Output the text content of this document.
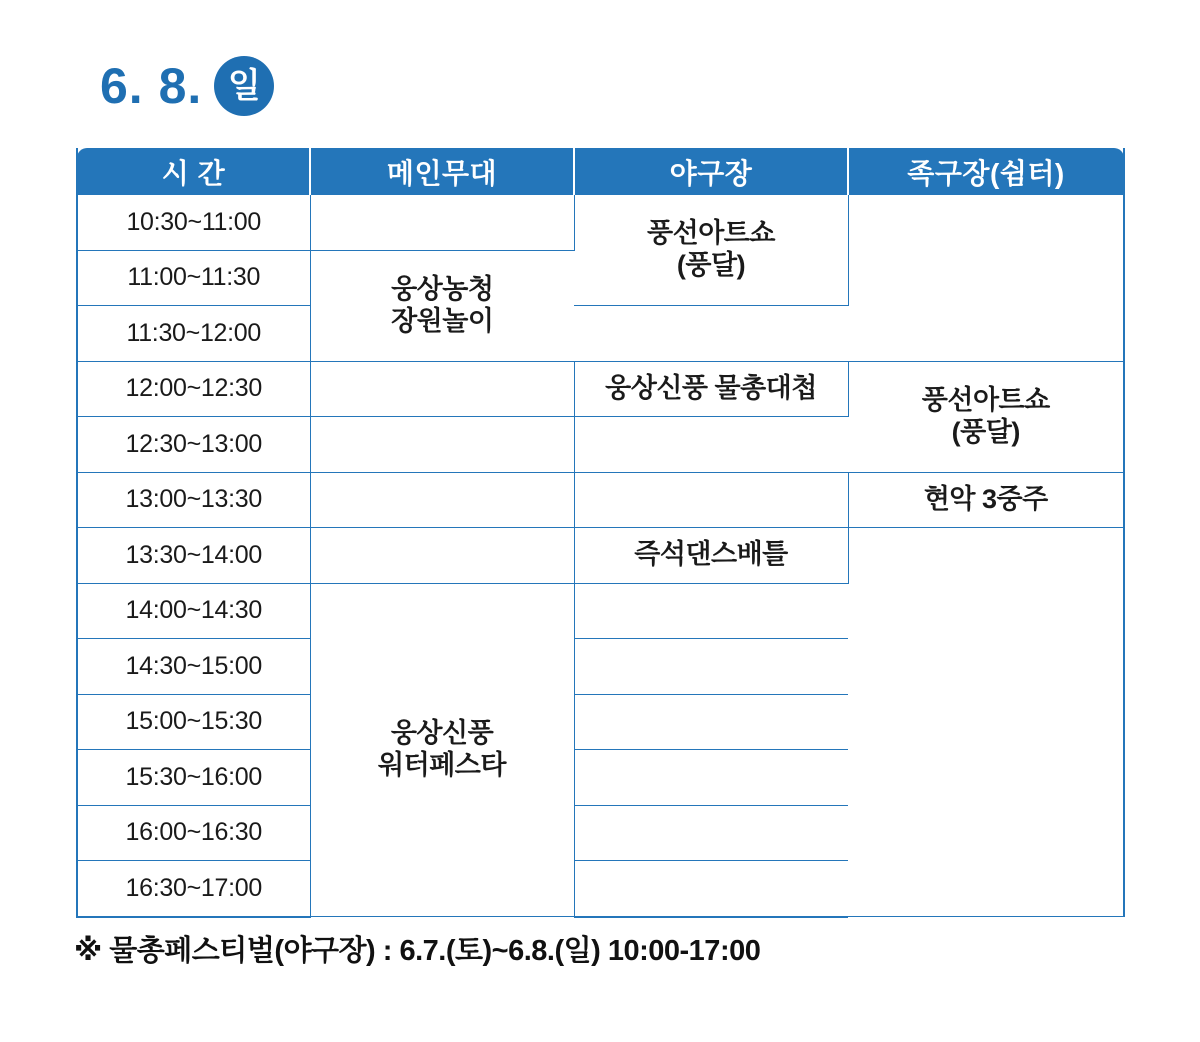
6. 8. 일
시 간	메인무대	야구장	족구장(쉼터)
10:30~11:00		풍선아트쇼
(풍달)	
11:00~11:30	웅상농청
장원놀이		
11:30~12:00			
12:00~12:30		웅상신풍 물총대첩	풍선아트쇼
(풍달)
12:30~13:00			
13:00~13:30			현악 3중주
13:30~14:00		즉석댄스배틀	
14:00~14:30	웅상신풍
워터페스타		
14:30~15:00			
15:00~15:30			
15:30~16:00			
16:00~16:30			
16:30~17:00			
※ 물총페스티벌(야구장) : 6.7.(토)~6.8.(일) 10:00-17:00
